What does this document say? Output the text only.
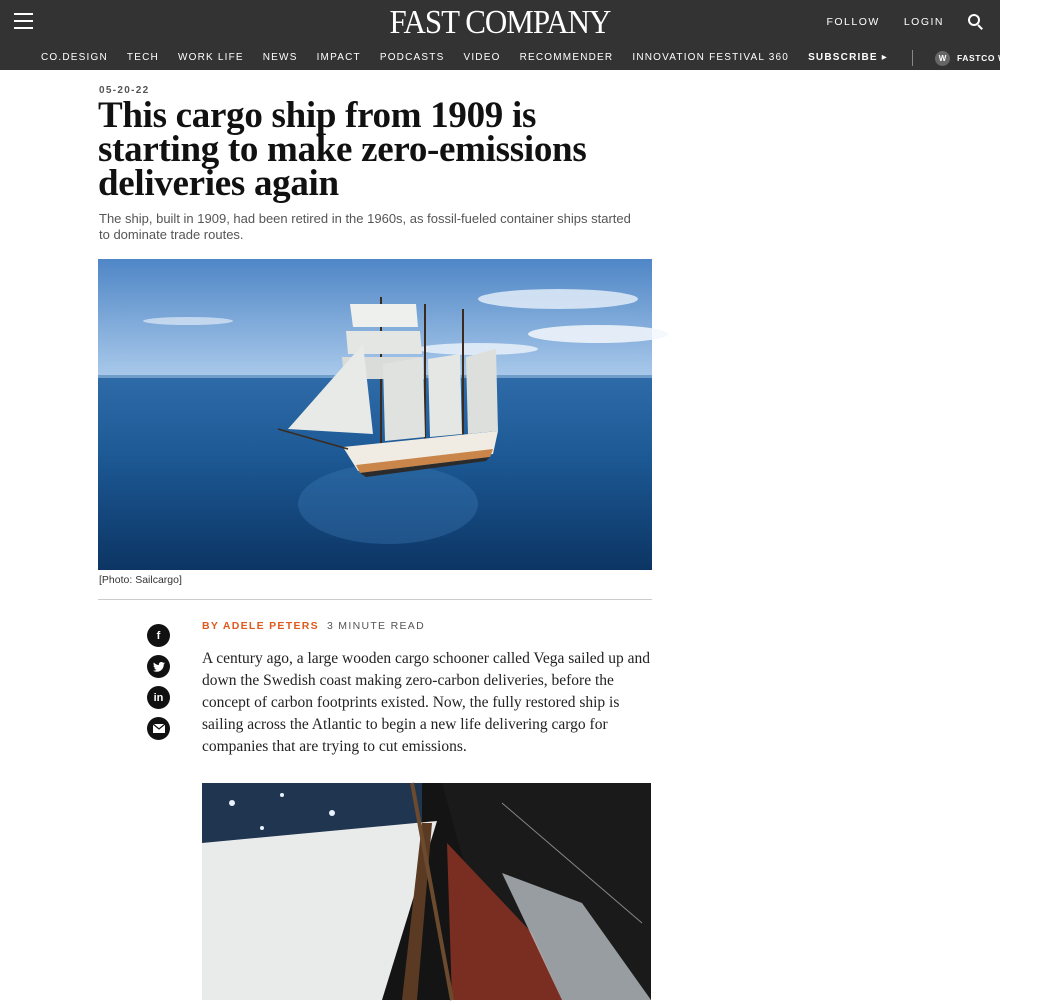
FAST COMPANY	FOLLOW LOGIN
CO.DESIGN TECH WORK LIFE NEWS IMPACT PODCASTS VIDEO RECOMMENDER INNOVATION FESTIVAL 360 SUBSCRIBE ▸	W	FASTCO WORKS ▸
05-20-22
This cargo ship from 1909 is starting to make zero-emissions deliveries again

The ship, built in 1909, had been retired in the 1960s, as fossil-fueled container ships started to dominate trade routes.

[Photo: Sailcargo]
BY ADELE PETERS 3 MINUTE READ
f
in

A century ago, a large wooden cargo schooner called Vega sailed up and down the Swedish coast making zero-carbon deliveries, before the concept of carbon footprints existed. Now, the fully restored ship is sailing across the Atlantic to begin a new life delivering cargo for companies that are trying to cut emissions.
